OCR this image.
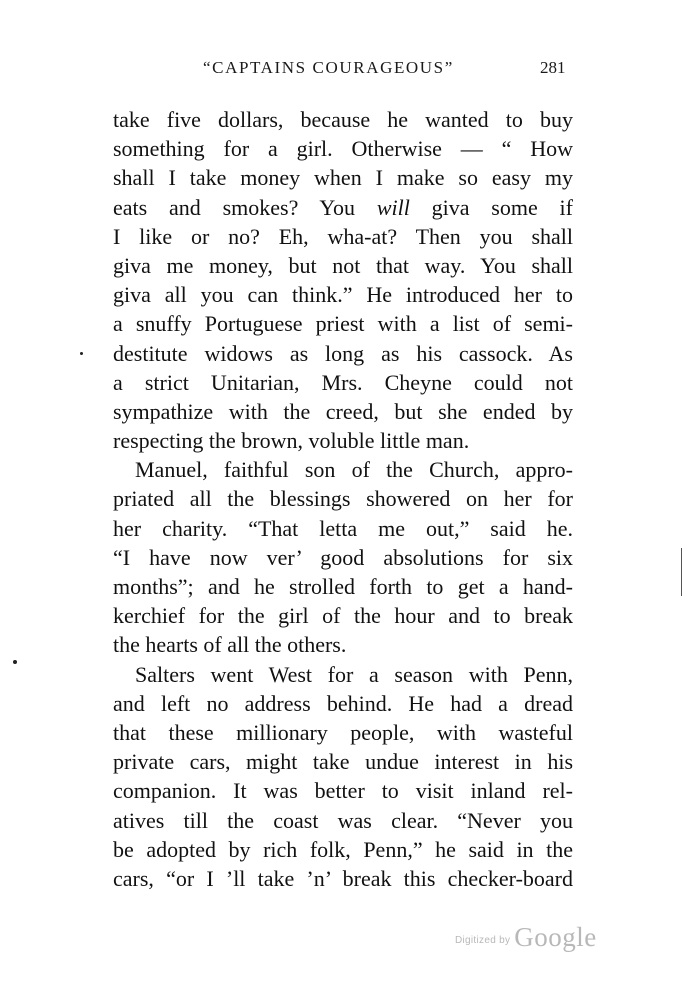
“CAPTAINS COURAGEOUS”	281
take five dollars, because he wanted to buy
something for a girl. Otherwise — “ How
shall I take money when I make so easy my
eats and smokes? You will giva some if
I like or no? Eh, wha-at? Then you shall
giva me money, but not that way. You shall
giva all you can think.” He introduced her to
a snuffy Portuguese priest with a list of semi-
destitute widows as long as his cassock. As
a strict Unitarian, Mrs. Cheyne could not
sympathize with the creed, but she ended by
respecting the brown, voluble little man.
Manuel, faithful son of the Church, appro-
priated all the blessings showered on her for
her charity. “That letta me out,” said he.
“I have now ver’ good absolutions for six
months”; and he strolled forth to get a hand-
kerchief for the girl of the hour and to break
the hearts of all the others.
Salters went West for a season with Penn,
and left no address behind. He had a dread
that these millionary people, with wasteful
private cars, might take undue interest in his
companion. It was better to visit inland rel-
atives till the coast was clear. “Never you
be adopted by rich folk, Penn,” he said in the
cars, “or I ’ll take ’n’ break this checker-board
Digitized by Google
